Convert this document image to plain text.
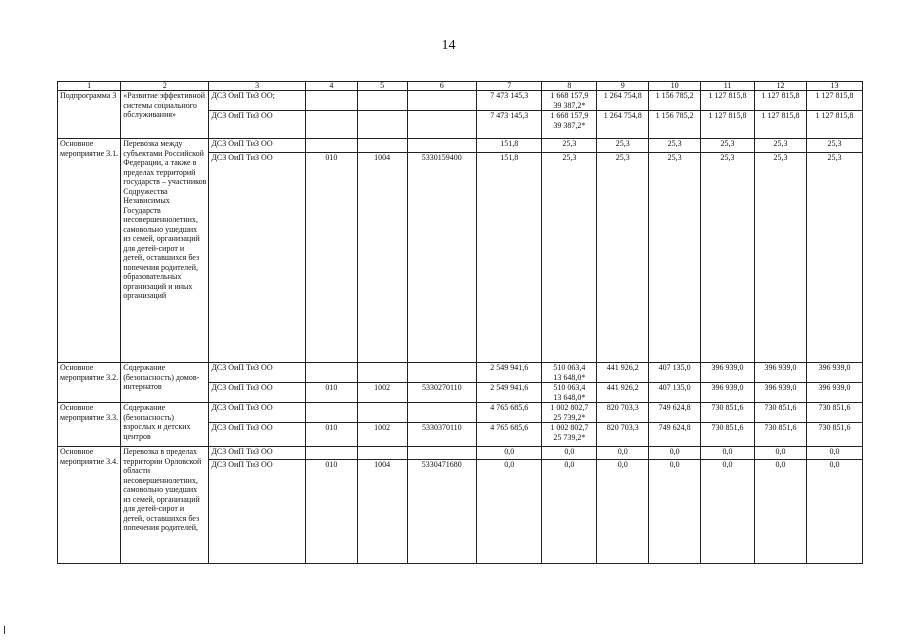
14
1	2	3	4	5	6	7	8	9	10	11	12	13
Подпрограмма 3	«Развитие эффективной системы социального обслуживания»	ДСЗ ОиП ТиЗ ОО;				7 473 145,3	1 668 157,9
39 387,2*	1 264 754,8	1 156 785,2	1 127 815,8	1 127 815,8	1 127 815,8
		ДСЗ ОиП ТиЗ ОО				7 473 145,3	1 668 157,9
39 387,2*	1 264 754,8	1 156 785,2	1 127 815,8	1 127 815,8	1 127 815,8
Основное мероприятие 3.1.	Перевозка между субъектами Российской Федерации, а также в пределах территорий государств – участников Содружества Независимых Государств несовершеннолетних, самовольно ушедших из семей, организаций для детей-сирот и детей, оставшихся без попечения родителей, образовательных организаций и иных организаций	ДСЗ ОиП ТиЗ ОО				151,8	25,3	25,3	25,3	25,3	25,3	25,3
		ДСЗ ОиП ТиЗ ОО	010	1004	5330159400	151,8	25,3	25,3	25,3	25,3	25,3	25,3
Основное мероприятие 3.2.	Содержание (безопасность) домов-интернатов	ДСЗ ОиП ТиЗ ОО				2 549 941,6	510 063,4
13 648,0*	441 926,2	407 135,0	396 939,0	396 939,0	396 939,0
		ДСЗ ОиП ТиЗ ОО	010	1002	5330270110	2 549 941,6	510 063,4
13 648,0*	441 926,2	407 135,0	396 939,0	396 939,0	396 939,0
Основное мероприятие 3.3.	Содержание (безопасность) взрослых и детских центров	ДСЗ ОиП ТиЗ ОО				4 765 685,6	1 002 802,7
25 739,2*	820 703,3	749 624,8	730 851,6	730 851,6	730 851,6
		ДСЗ ОиП ТиЗ ОО	010	1002	5330370110	4 765 685,6	1 002 802,7
25 739,2*	820 703,3	749 624,8	730 851,6	730 851,6	730 851,6
Основное мероприятие 3.4.	Перевозка в пределах территории Орловской области несовершеннолетних, самовольно ушедших из семей, организаций для детей-сирот и детей, оставшихся без попечения родителей,	ДСЗ ОиП ТиЗ ОО				0,0	0,0	0,0	0,0	0,0	0,0	0,0
		ДСЗ ОиП ТиЗ ОО	010	1004	5330471680	0,0	0,0	0,0	0,0	0,0	0,0	0,0
